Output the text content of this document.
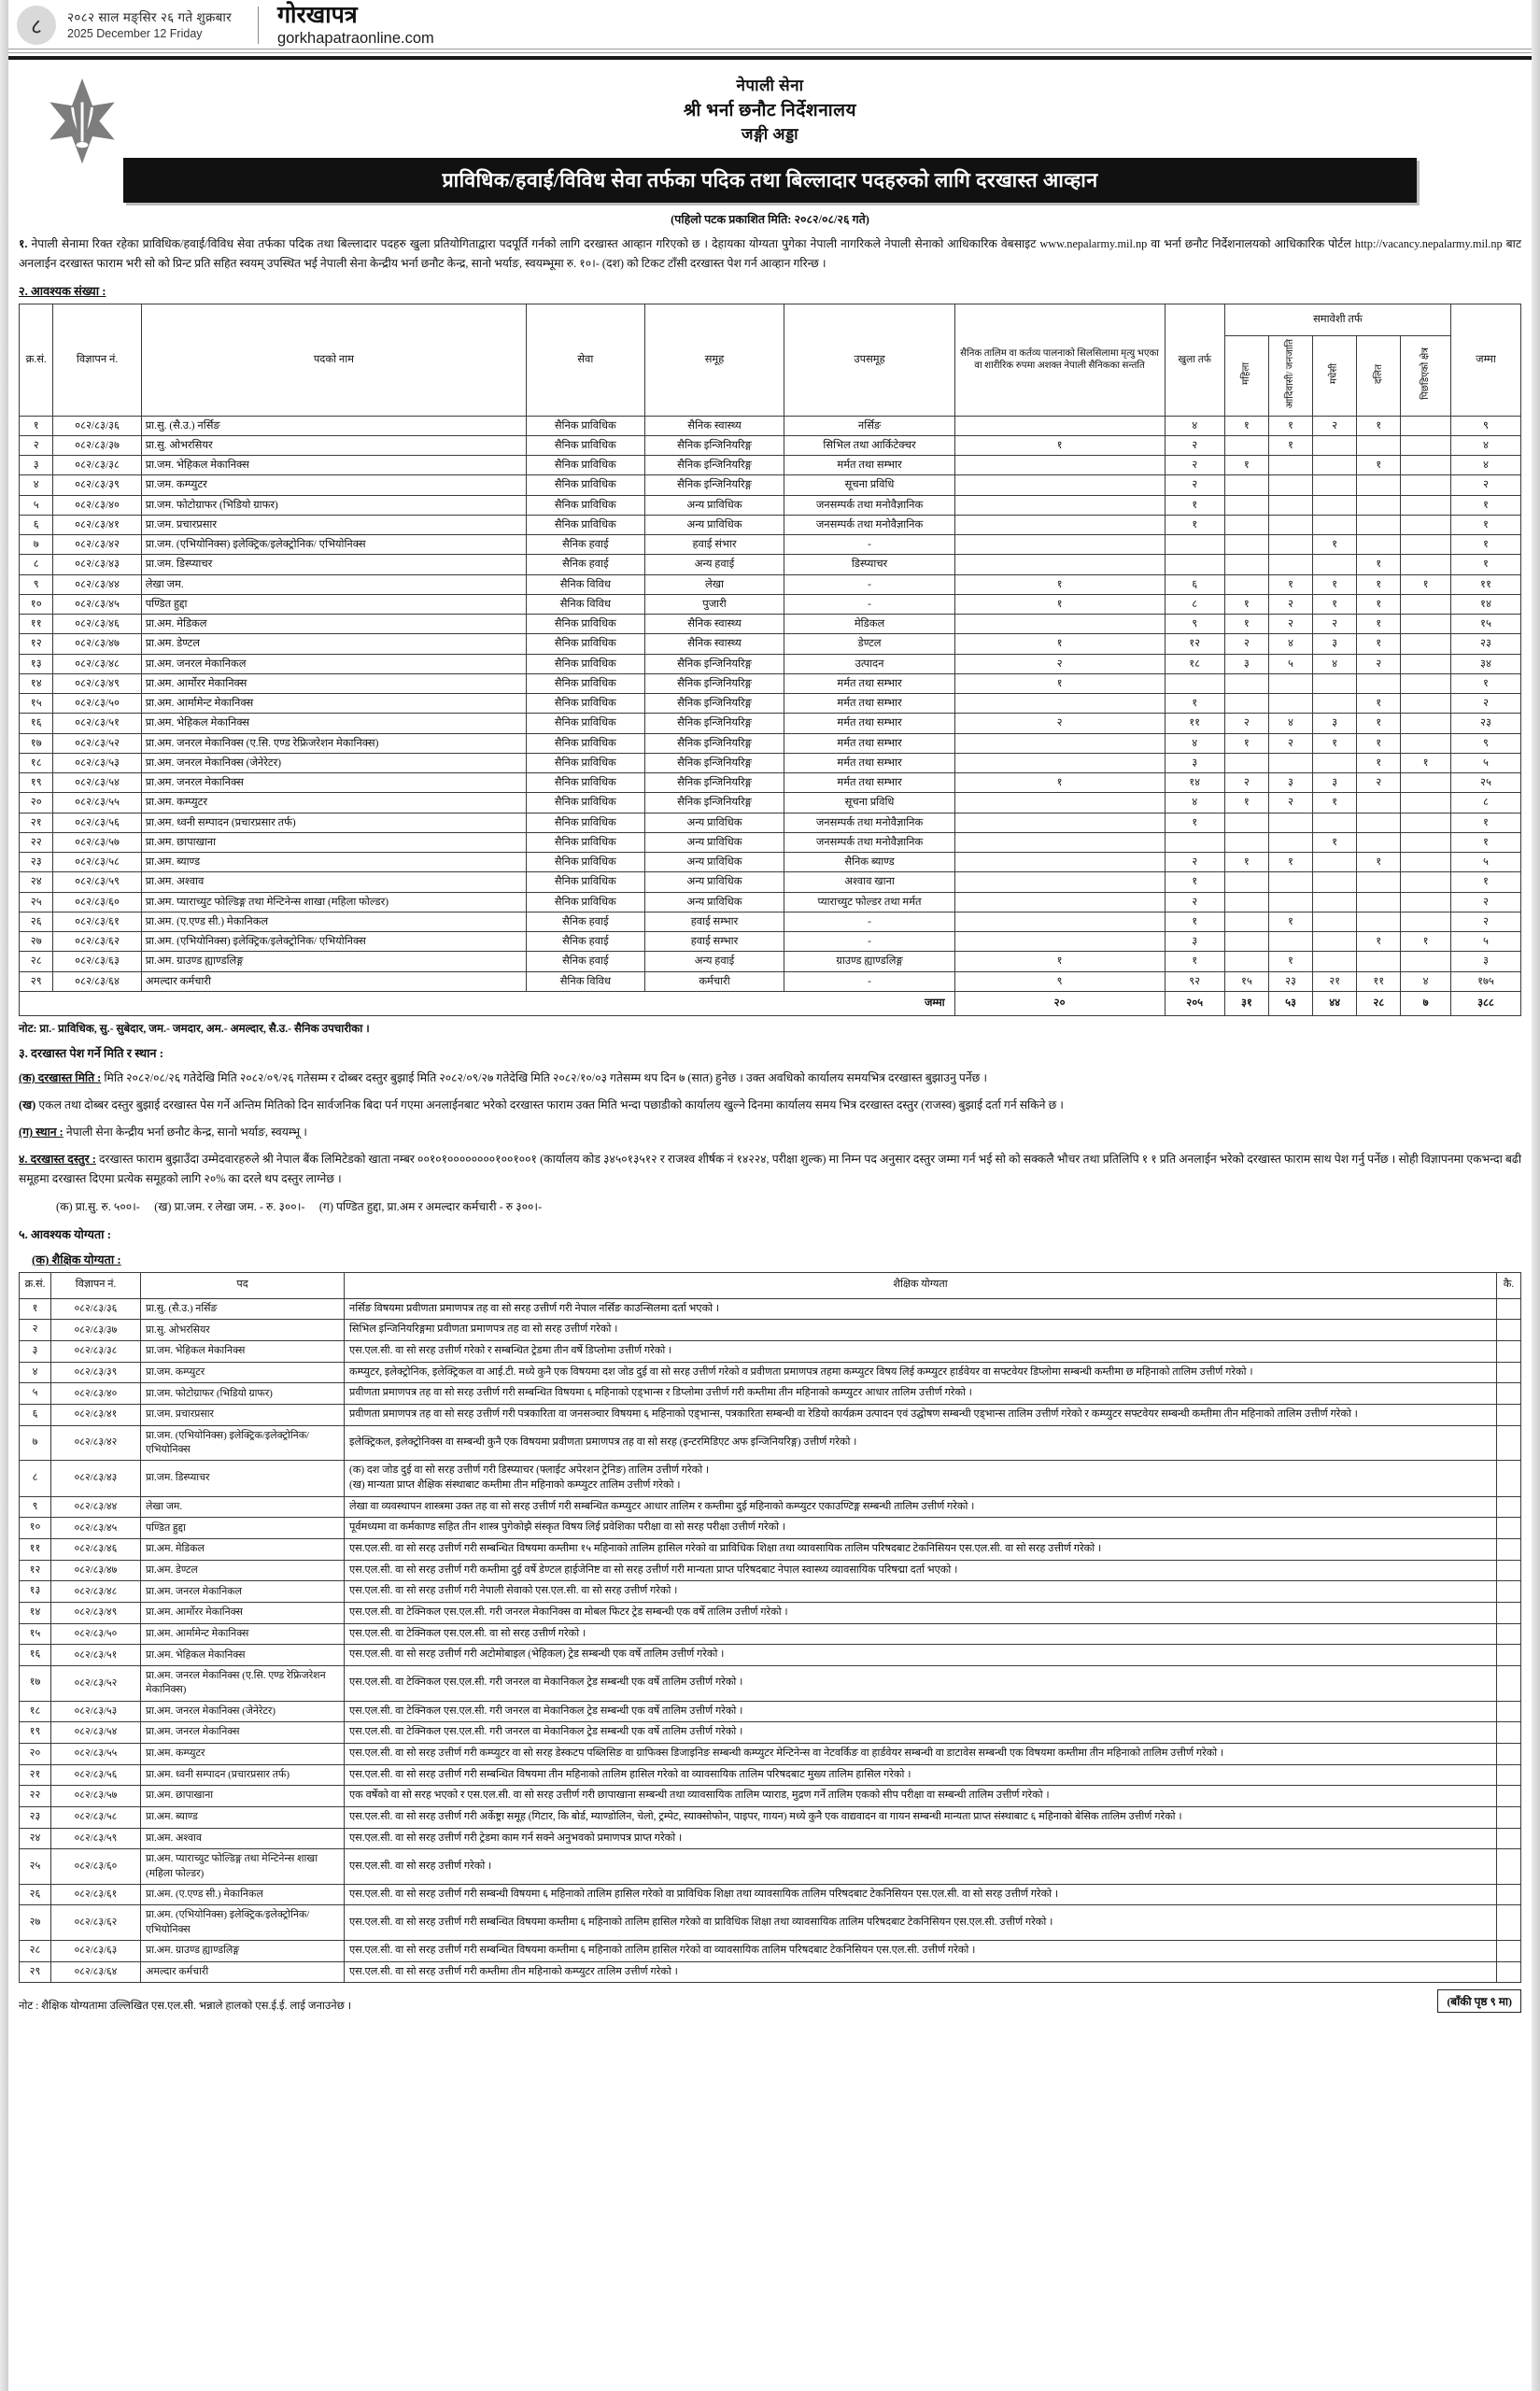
८	२०८२ साल मङ्सिर २६ गते शुक्रबार
2025 December 12 Friday
गोरखापत्र
gorkhapatraonline.com
नेपाली सेना
श्री भर्ना छनौट निर्देशनालय
जङ्गी अड्डा
प्राविधिक/हवाई/विविध सेवा तर्फका पदिक तथा बिल्लादार पदहरुको लागि दरखास्त आव्हान
(पहिलो पटक प्रकाशित मिति: २०८२/०८/२६ गते)
१. नेपाली सेनामा रिक्त रहेका प्राविधिक/हवाई/विविध सेवा तर्फका पदिक तथा बिल्लादार पदहरु खुला प्रतियोगिताद्वारा पदपूर्ति गर्नको लागि दरखास्त आव्हान गरिएको छ । देहायका योग्यता पुगेका नेपाली नागरिकले नेपाली सेनाको आधिकारिक वेबसाइट www.nepalarmy.mil.np वा भर्ना छनौट निर्देशनालयको आधिकारिक पोर्टल http://vacancy.nepalarmy.mil.np बाट अनलाईन दरखास्त फाराम भरी सो को प्रिन्ट प्रति सहित स्वयम् उपस्थित भई नेपाली सेना केन्द्रीय भर्ना छनौट केन्द्र, सानो भर्याङ, स्वयम्भूमा रु. १०।- (दश) को टिकट टाँसी दरखास्त पेश गर्न आव्हान गरिन्छ ।
२. आवश्यक संख्या :
क्र.सं.	विज्ञापन नं.	पदको नाम	सेवा	समूह	उपसमूह	सैनिक तालिम वा कर्तव्य पालनाको सिलसिलामा मृत्यु भएका वा शारीरिक रुपमा अशक्त नेपाली सैनिकका सन्तति	खुला तर्फ	समावेशी तर्फ					जम्मा
								महिला	आदिवासी/ जनजाति	मधेसी	दलित	पिछडिएको क्षेत्र	
१	०८२/८३/३६	प्रा.सु. (सै.उ.) नर्सिङ	सैनिक प्राविधिक	सैनिक स्वास्थ्य	नर्सिङ		४	१	१	२	१		९
२	०८२/८३/३७	प्रा.सु. ओभरसियर	सैनिक प्राविधिक	सैनिक इन्जिनियरिङ्ग	सिभिल तथा आर्किटेक्चर	१	२		१				४
३	०८२/८३/३८	प्रा.जम. भेहिकल मेकानिक्स	सैनिक प्राविधिक	सैनिक इन्जिनियरिङ्ग	मर्मत तथा सम्भार		२	१			१		४
४	०८२/८३/३९	प्रा.जम. कम्प्युटर	सैनिक प्राविधिक	सैनिक इन्जिनियरिङ्ग	सूचना प्रविधि		२						२
५	०८२/८३/४०	प्रा.जम. फोटोग्राफर (भिडियो ग्राफर)	सैनिक प्राविधिक	अन्य प्राविधिक	जनसम्पर्क तथा मनोवैज्ञानिक		१						१
६	०८२/८३/४१	प्रा.जम. प्रचारप्रसार	सैनिक प्राविधिक	अन्य प्राविधिक	जनसम्पर्क तथा मनोवैज्ञानिक		१						१
७	०८२/८३/४२	प्रा.जम. (एभियोनिक्स) इलेक्ट्रिक/इलेक्ट्रोनिक/ एभियोनिक्स	सैनिक हवाई	हवाई संभार	-					१			१
८	०८२/८३/४३	प्रा.जम. डिस्प्याचर	सैनिक हवाई	अन्य हवाई	डिस्प्याचर						१		१
९	०८२/८३/४४	लेखा जम.	सैनिक विविध	लेखा	-	१	६		१	१	१	१	११
१०	०८२/८३/४५	पण्डित हुद्दा	सैनिक विविध	पुजारी	-	१	८	१	२	१	१		१४
११	०८२/८३/४६	प्रा.अम. मेडिकल	सैनिक प्राविधिक	सैनिक स्वास्थ्य	मेडिकल		९	१	२	२	१		१५
१२	०८२/८३/४७	प्रा.अम. डेण्टल	सैनिक प्राविधिक	सैनिक स्वास्थ्य	डेण्टल	१	१२	२	४	३	१		२३
१३	०८२/८३/४८	प्रा.अम. जनरल मेकानिकल	सैनिक प्राविधिक	सैनिक इन्जिनियरिङ्ग	उत्पादन	२	१८	३	५	४	२		३४
१४	०८२/८३/४९	प्रा.अम. आर्मोरर मेकानिक्स	सैनिक प्राविधिक	सैनिक इन्जिनियरिङ्ग	मर्मत तथा सम्भार	१							१
१५	०८२/८३/५०	प्रा.अम. आर्मामेन्ट मेकानिक्स	सैनिक प्राविधिक	सैनिक इन्जिनियरिङ्ग	मर्मत तथा सम्भार		१				१		२
१६	०८२/८३/५१	प्रा.अम. भेहिकल मेकानिक्स	सैनिक प्राविधिक	सैनिक इन्जिनियरिङ्ग	मर्मत तथा सम्भार	२	११	२	४	३	१		२३
१७	०८२/८३/५२	प्रा.अम. जनरल मेकानिक्स (ए.सि. एण्ड रेफ्रिजरेशन मेकानिक्स)	सैनिक प्राविधिक	सैनिक इन्जिनियरिङ्ग	मर्मत तथा सम्भार		४	१	२	१	१		९
१८	०८२/८३/५३	प्रा.अम. जनरल मेकानिक्स (जेनेरेटर)	सैनिक प्राविधिक	सैनिक इन्जिनियरिङ्ग	मर्मत तथा सम्भार		३				१	१	५
१९	०८२/८३/५४	प्रा.अम. जनरल मेकानिक्स	सैनिक प्राविधिक	सैनिक इन्जिनियरिङ्ग	मर्मत तथा सम्भार	१	१४	२	३	३	२		२५
२०	०८२/८३/५५	प्रा.अम. कम्प्युटर	सैनिक प्राविधिक	सैनिक इन्जिनियरिङ्ग	सूचना प्रविधि		४	१	२	१			८
२१	०८२/८३/५६	प्रा.अम. ध्वनी सम्पादन (प्रचारप्रसार तर्फ)	सैनिक प्राविधिक	अन्य प्राविधिक	जनसम्पर्क तथा मनोवैज्ञानिक		१						१
२२	०८२/८३/५७	प्रा.अम. छापाखाना	सैनिक प्राविधिक	अन्य प्राविधिक	जनसम्पर्क तथा मनोवैज्ञानिक					१			१
२३	०८२/८३/५८	प्रा.अम. ब्याण्ड	सैनिक प्राविधिक	अन्य प्राविधिक	सैनिक ब्याण्ड		२	१	१		१		५
२४	०८२/८३/५९	प्रा.अम. अश्वाव	सैनिक प्राविधिक	अन्य प्राविधिक	अश्वाव खाना		१						१
२५	०८२/८३/६०	प्रा.अम. प्याराच्युट फोल्डिङ्ग तथा मेन्टिनेन्स शाखा (महिला फोल्डर)	सैनिक प्राविधिक	अन्य प्राविधिक	प्याराच्युट फोल्डर तथा मर्मत		२						२
२६	०८२/८३/६१	प्रा.अम. (ए.एण्ड सी.) मेकानिकल	सैनिक हवाई	हवाई सम्भार	-		१		१				२
२७	०८२/८३/६२	प्रा.अम. (एभियोनिक्स) इलेक्ट्रिक/इलेक्ट्रोनिक/ एभियोनिक्स	सैनिक हवाई	हवाई सम्भार	-		३				१	१	५
२८	०८२/८३/६३	प्रा.अम. ग्राउण्ड ह्याण्डलिङ्ग	सैनिक हवाई	अन्य हवाई	ग्राउण्ड ह्याण्डलिङ्ग	१	१		१				३
२९	०८२/८३/६४	अमल्दार कर्मचारी	सैनिक विविध	कर्मचारी	-	९	९२	१५	२३	२१	११	४	१७५
जम्मा						२०	२०५	३१	५३	४४	२८	७	३८८
नोट: प्रा.- प्राविधिक, सु.- सुबेदार, जम.- जमदार, अम.- अमल्दार, सै.उ.- सैनिक उपचारीका ।
३. दरखास्त पेश गर्ने मिति र स्थान :
(क) दरखास्त मिति : मिति २०८२/०८/२६ गतेदेखि मिति २०८२/०९/२६ गतेसम्म र दोब्बर दस्तुर बुझाई मिति २०८२/०९/२७ गतेदेखि मिति २०८२/१०/०३ गतेसम्म थप दिन ७ (सात) हुनेछ । उक्त अवधिको कार्यालय समयभित्र दरखास्त बुझाउनु पर्नेछ ।
(ख) एकल तथा दोब्बर दस्तुर बुझाई दरखास्त पेस गर्ने अन्तिम मितिको दिन सार्वजनिक बिदा पर्न गएमा अनलाईनबाट भरेको दरखास्त फाराम उक्त मिति भन्दा पछाडीको कार्यालय खुल्ने दिनमा कार्यालय समय भित्र दरखास्त दस्तुर (राजस्व) बुझाई दर्ता गर्न सकिने छ ।
(ग) स्थान : नेपाली सेना केन्द्रीय भर्ना छनौट केन्द्र, सानो भर्याङ, स्वयम्भू ।
४. दरखास्त दस्तुर : दरखास्त फाराम बुझाउँदा उम्मेदवारहरुले श्री नेपाल बैंक लिमिटेडको खाता नम्बर ००१०१००००००००१००१००१ (कार्यालय कोड ३४५०१३५१२ र राजश्व शीर्षक नं १४२२४, परीक्षा शुल्क) मा निम्न पद अनुसार दस्तुर जम्मा गर्न भई सो को सक्कलै भौचर तथा प्रतिलिपि १ १ प्रति अनलाईन भरेको दरखास्त फाराम साथ पेश गर्नु पर्नेछ । सोही विज्ञापनमा एकभन्दा बढी समूहमा दरखास्त दिएमा प्रत्येक समूहको लागि २०% का दरले थप दस्तुर लाग्नेछ ।
(क) प्रा.सु. रु. ५००।- (ख) प्रा.जम. र लेखा जम. - रु. ३००।- (ग) पण्डित हुद्दा, प्रा.अम र अमल्दार कर्मचारी - रु ३००।-
५. आवश्यक योग्यता :
(क) शैक्षिक योग्यता :
क्र.सं.	विज्ञापन नं.	पद	शैक्षिक योग्यता	कै.
१	०८२/८३/३६	प्रा.सु. (सै.उ.) नर्सिङ	नर्सिङ विषयमा प्रवीणता प्रमाणपत्र तह वा सो सरह उत्तीर्ण गरी नेपाल नर्सिङ काउन्सिलमा दर्ता भएको ।	

२	०८२/८३/३७	प्रा.सु. ओभरसियर	सिभिल इन्जिनियरिङ्गमा प्रवीणता प्रमाणपत्र तह वा सो सरह उत्तीर्ण गरेको ।	

३	०८२/८३/३८	प्रा.जम. भेहिकल मेकानिक्स	एस.एल.सी. वा सो सरह उत्तीर्ण गरेको र सम्बन्धित ट्रेडमा तीन वर्षे डिप्लोमा उत्तीर्ण गरेको ।	

४	०८२/८३/३९	प्रा.जम. कम्प्युटर	कम्प्युटर, इलेक्ट्रोनिक, इलेक्ट्रिकल वा आई.टी. मध्ये कुनै एक विषयमा दश जोड दुई वा सो सरह उत्तीर्ण गरेको व प्रवीणता प्रमाणपत्र तहमा कम्प्युटर विषय लिई कम्प्युटर हार्डवेयर वा सफ्टवेयर डिप्लोमा सम्बन्धी कम्तीमा छ महिनाको तालिम उत्तीर्ण गरेको ।	

५	०८२/८३/४०	प्रा.जम. फोटोग्राफर (भिडियो ग्राफर)	प्रवीणता प्रमाणपत्र तह वा सो सरह उत्तीर्ण गरी सम्बन्धित विषयमा ६ महिनाको एड्भान्स र डिप्लोमा उत्तीर्ण गरी कम्तीमा तीन महिनाको कम्प्युटर आधार तालिम उत्तीर्ण गरेको ।	

६	०८२/८३/४१	प्रा.जम. प्रचारप्रसार	प्रवीणता प्रमाणपत्र तह वा सो सरह उत्तीर्ण गरी पत्रकारिता वा जनसञ्चार विषयमा ६ महिनाको एड्भान्स, पत्रकारिता सम्बन्धी वा रेडियो कार्यक्रम उत्पादन एवं उद्घोषण सम्बन्धी एड्भान्स तालिम उत्तीर्ण गरेको र कम्प्युटर सफ्टवेयर सम्बन्धी कम्तीमा तीन महिनाको तालिम उत्तीर्ण गरेको ।	

७	०८२/८३/४२	प्रा.जम. (एभियोनिक्स) इलेक्ट्रिक/इलेक्ट्रोनिक/ एभियोनिक्स	इलेक्ट्रिकल, इलेक्ट्रोनिक्स वा सम्बन्धी कुनै एक विषयमा प्रवीणता प्रमाणपत्र तह वा सो सरह (इन्टरमिडिएट अफ इन्जिनियरिङ्ग) उत्तीर्ण गरेको ।	

८	०८२/८३/४३	प्रा.जम. डिस्प्याचर	(क) दश जोड दुई वा सो सरह उत्तीर्ण गरी डिस्प्याचर (फ्लाईट अपेरशन ट्रेनिङ) तालिम उत्तीर्ण गरेको ।
(ख) मान्यता प्राप्त शैक्षिक संस्थाबाट कम्तीमा तीन महिनाको कम्प्युटर तालिम उत्तीर्ण गरेको ।	

९	०८२/८३/४४	लेखा जम.	लेखा वा व्यवस्थापन शास्त्रमा उक्त तह वा सो सरह उत्तीर्ण गरी सम्बन्धित कम्प्युटर आधार तालिम र कम्तीमा दुई महिनाको कम्प्युटर एकाउण्टिङ्ग सम्बन्धी तालिम उत्तीर्ण गरेको ।	

१०	०८२/८३/४५	पण्डित हुद्दा	पूर्वमध्यमा वा कर्मकाण्ड सहित तीन शास्त्र पुगेकोझै संस्कृत विषय लिई प्रवेशिका परीक्षा वा सो सरह परीक्षा उत्तीर्ण गरेको ।	

११	०८२/८३/४६	प्रा.अम. मेडिकल	एस.एल.सी. वा सो सरह उत्तीर्ण गरी सम्बन्धित विषयमा कम्तीमा १५ महिनाको तालिम हासिल गरेको वा प्राविधिक शिक्षा तथा व्यावसायिक तालिम परिषदबाट टेकनिसियन एस.एल.सी. वा सो सरह उत्तीर्ण गरेको ।	

१२	०८२/८३/४७	प्रा.अम. डेण्टल	एस.एल.सी. वा सो सरह उत्तीर्ण गरी कम्तीमा दुई वर्षे डेण्टल हाईजेनिष्ट वा सो सरह उत्तीर्ण गरी मान्यता प्राप्त परिषदबाट नेपाल स्वास्थ्य व्यावसायिक परिषद्मा दर्ता भएको ।	

१३	०८२/८३/४८	प्रा.अम. जनरल मेकानिकल	एस.एल.सी. वा सो सरह उत्तीर्ण गरी नेपाली सेवाको एस.एल.सी. वा सो सरह उत्तीर्ण गरेको ।	

१४	०८२/८३/४९	प्रा.अम. आर्मोरर मेकानिक्स	एस.एल.सी. वा टेक्निकल एस.एल.सी. गरी जनरल मेकानिक्स वा मोबल फिटर ट्रेड सम्बन्धी एक वर्षे तालिम उत्तीर्ण गरेको ।	

१५	०८२/८३/५०	प्रा.अम. आर्मामेन्ट मेकानिक्स	एस.एल.सी. वा टेक्निकल एस.एल.सी. वा सो सरह उत्तीर्ण गरेको ।	

१६	०८२/८३/५१	प्रा.अम. भेहिकल मेकानिक्स	एस.एल.सी. वा सो सरह उत्तीर्ण गरी अटोमोबाइल (भेहिकल) ट्रेड सम्बन्धी एक वर्षे तालिम उत्तीर्ण गरेको ।	

१७	०८२/८३/५२	प्रा.अम. जनरल मेकानिक्स (ए.सि. एण्ड रेफ्रिजरेशन मेकानिक्स)	एस.एल.सी. वा टेक्निकल एस.एल.सी. गरी जनरल वा मेकानिकल ट्रेड सम्बन्धी एक वर्षे तालिम उत्तीर्ण गरेको ।	

१८	०८२/८३/५३	प्रा.अम. जनरल मेकानिक्स (जेनेरेटर)	एस.एल.सी. वा टेक्निकल एस.एल.सी. गरी जनरल वा मेकानिकल ट्रेड सम्बन्धी एक वर्षे तालिम उत्तीर्ण गरेको ।	

१९	०८२/८३/५४	प्रा.अम. जनरल मेकानिक्स	एस.एल.सी. वा टेक्निकल एस.एल.सी. गरी जनरल वा मेकानिकल ट्रेड सम्बन्धी एक वर्षे तालिम उत्तीर्ण गरेको ।	

२०	०८२/८३/५५	प्रा.अम. कम्प्युटर	एस.एल.सी. वा सो सरह उत्तीर्ण गरी कम्प्युटर वा सो सरह डेस्कटप पब्लिसिङ वा ग्राफिक्स डिजाइनिङ सम्बन्धी कम्प्युटर मेन्टिनेन्स वा नेटवर्किङ वा हार्डवेयर सम्बन्धी वा डाटावेस सम्बन्धी एक विषयमा कम्तीमा तीन महिनाको तालिम उत्तीर्ण गरेको ।	

२१	०८२/८३/५६	प्रा.अम. ध्वनी सम्पादन (प्रचारप्रसार तर्फ)	एस.एल.सी. वा सो सरह उत्तीर्ण गरी सम्बन्धित विषयमा तीन महिनाको तालिम हासिल गरेको वा व्यावसायिक तालिम परिषदबाट मुख्य तालिम हासिल गरेको ।	

२२	०८२/८३/५७	प्रा.अम. छापाखाना	एक वर्षेको वा सो सरह भएको र एस.एल.सी. वा सो सरह उत्तीर्ण गरी छापाखाना सम्बन्धी तथा व्यावसायिक तालिम प्याराड, मुद्रण गर्ने तालिम एकको सीप परीक्षा वा सम्बन्धी तालिम उत्तीर्ण गरेको ।	

२३	०८२/८३/५८	प्रा.अम. ब्याण्ड	एस.एल.सी. वा सो सरह उत्तीर्ण गरी अर्केष्ट्रा समूह (गिटार, कि बोर्ड, म्याण्डोलिन, चेलो, ट्रम्पेट, स्याक्सोफोन, पाइपर, गायन) मध्ये कुनै एक वाद्यवादन वा गायन सम्बन्धी मान्यता प्राप्त संस्थाबाट ६ महिनाको बेसिक तालिम उत्तीर्ण गरेको ।	

२४	०८२/८३/५९	प्रा.अम. अश्वाव	एस.एल.सी. वा सो सरह उत्तीर्ण गरी ट्रेडमा काम गर्न सक्ने अनुभवको प्रमाणपत्र प्राप्त गरेको ।	

२५	०८२/८३/६०	प्रा.अम. प्याराच्युट फोल्डिङ्ग तथा मेन्टिनेन्स शाखा (महिला फोल्डर)	एस.एल.सी. वा सो सरह उत्तीर्ण गरेको ।	

२६	०८२/८३/६१	प्रा.अम. (ए.एण्ड सी.) मेकानिकल	एस.एल.सी. वा सो सरह उत्तीर्ण गरी सम्बन्धी विषयमा ६ महिनाको तालिम हासिल गरेको वा प्राविधिक शिक्षा तथा व्यावसायिक तालिम परिषदबाट टेकनिसियन एस.एल.सी. वा सो सरह उत्तीर्ण गरेको ।	

२७	०८२/८३/६२	प्रा.अम. (एभियोनिक्स) इलेक्ट्रिक/इलेक्ट्रोनिक/ एभियोनिक्स	एस.एल.सी. वा सो सरह उत्तीर्ण गरी सम्बन्धित विषयमा कम्तीमा ६ महिनाको तालिम हासिल गरेको वा प्राविधिक शिक्षा तथा व्यावसायिक तालिम परिषदबाट टेकनिसियन एस.एल.सी. उत्तीर्ण गरेको ।	

२८	०८२/८३/६३	प्रा.अम. ग्राउण्ड ह्याण्डलिङ्ग	एस.एल.सी. वा सो सरह उत्तीर्ण गरी सम्बन्धित विषयमा कम्तीमा ६ महिनाको तालिम हासिल गरेको वा व्यावसायिक तालिम परिषदबाट टेकनिसियन एस.एल.सी. उत्तीर्ण गरेको ।	

२९	०८२/८३/६४	अमल्दार कर्मचारी	एस.एल.सी. वा सो सरह उत्तीर्ण गरी कम्तीमा तीन महिनाको कम्प्युटर तालिम उत्तीर्ण गरेको ।	

नोट : शैक्षिक योग्यतामा उल्लिखित एस.एल.सी. भन्नाले हालको एस.ई.ई. लाई जनाउनेछ ।	(बाँकी पृष्ठ ९ मा)
